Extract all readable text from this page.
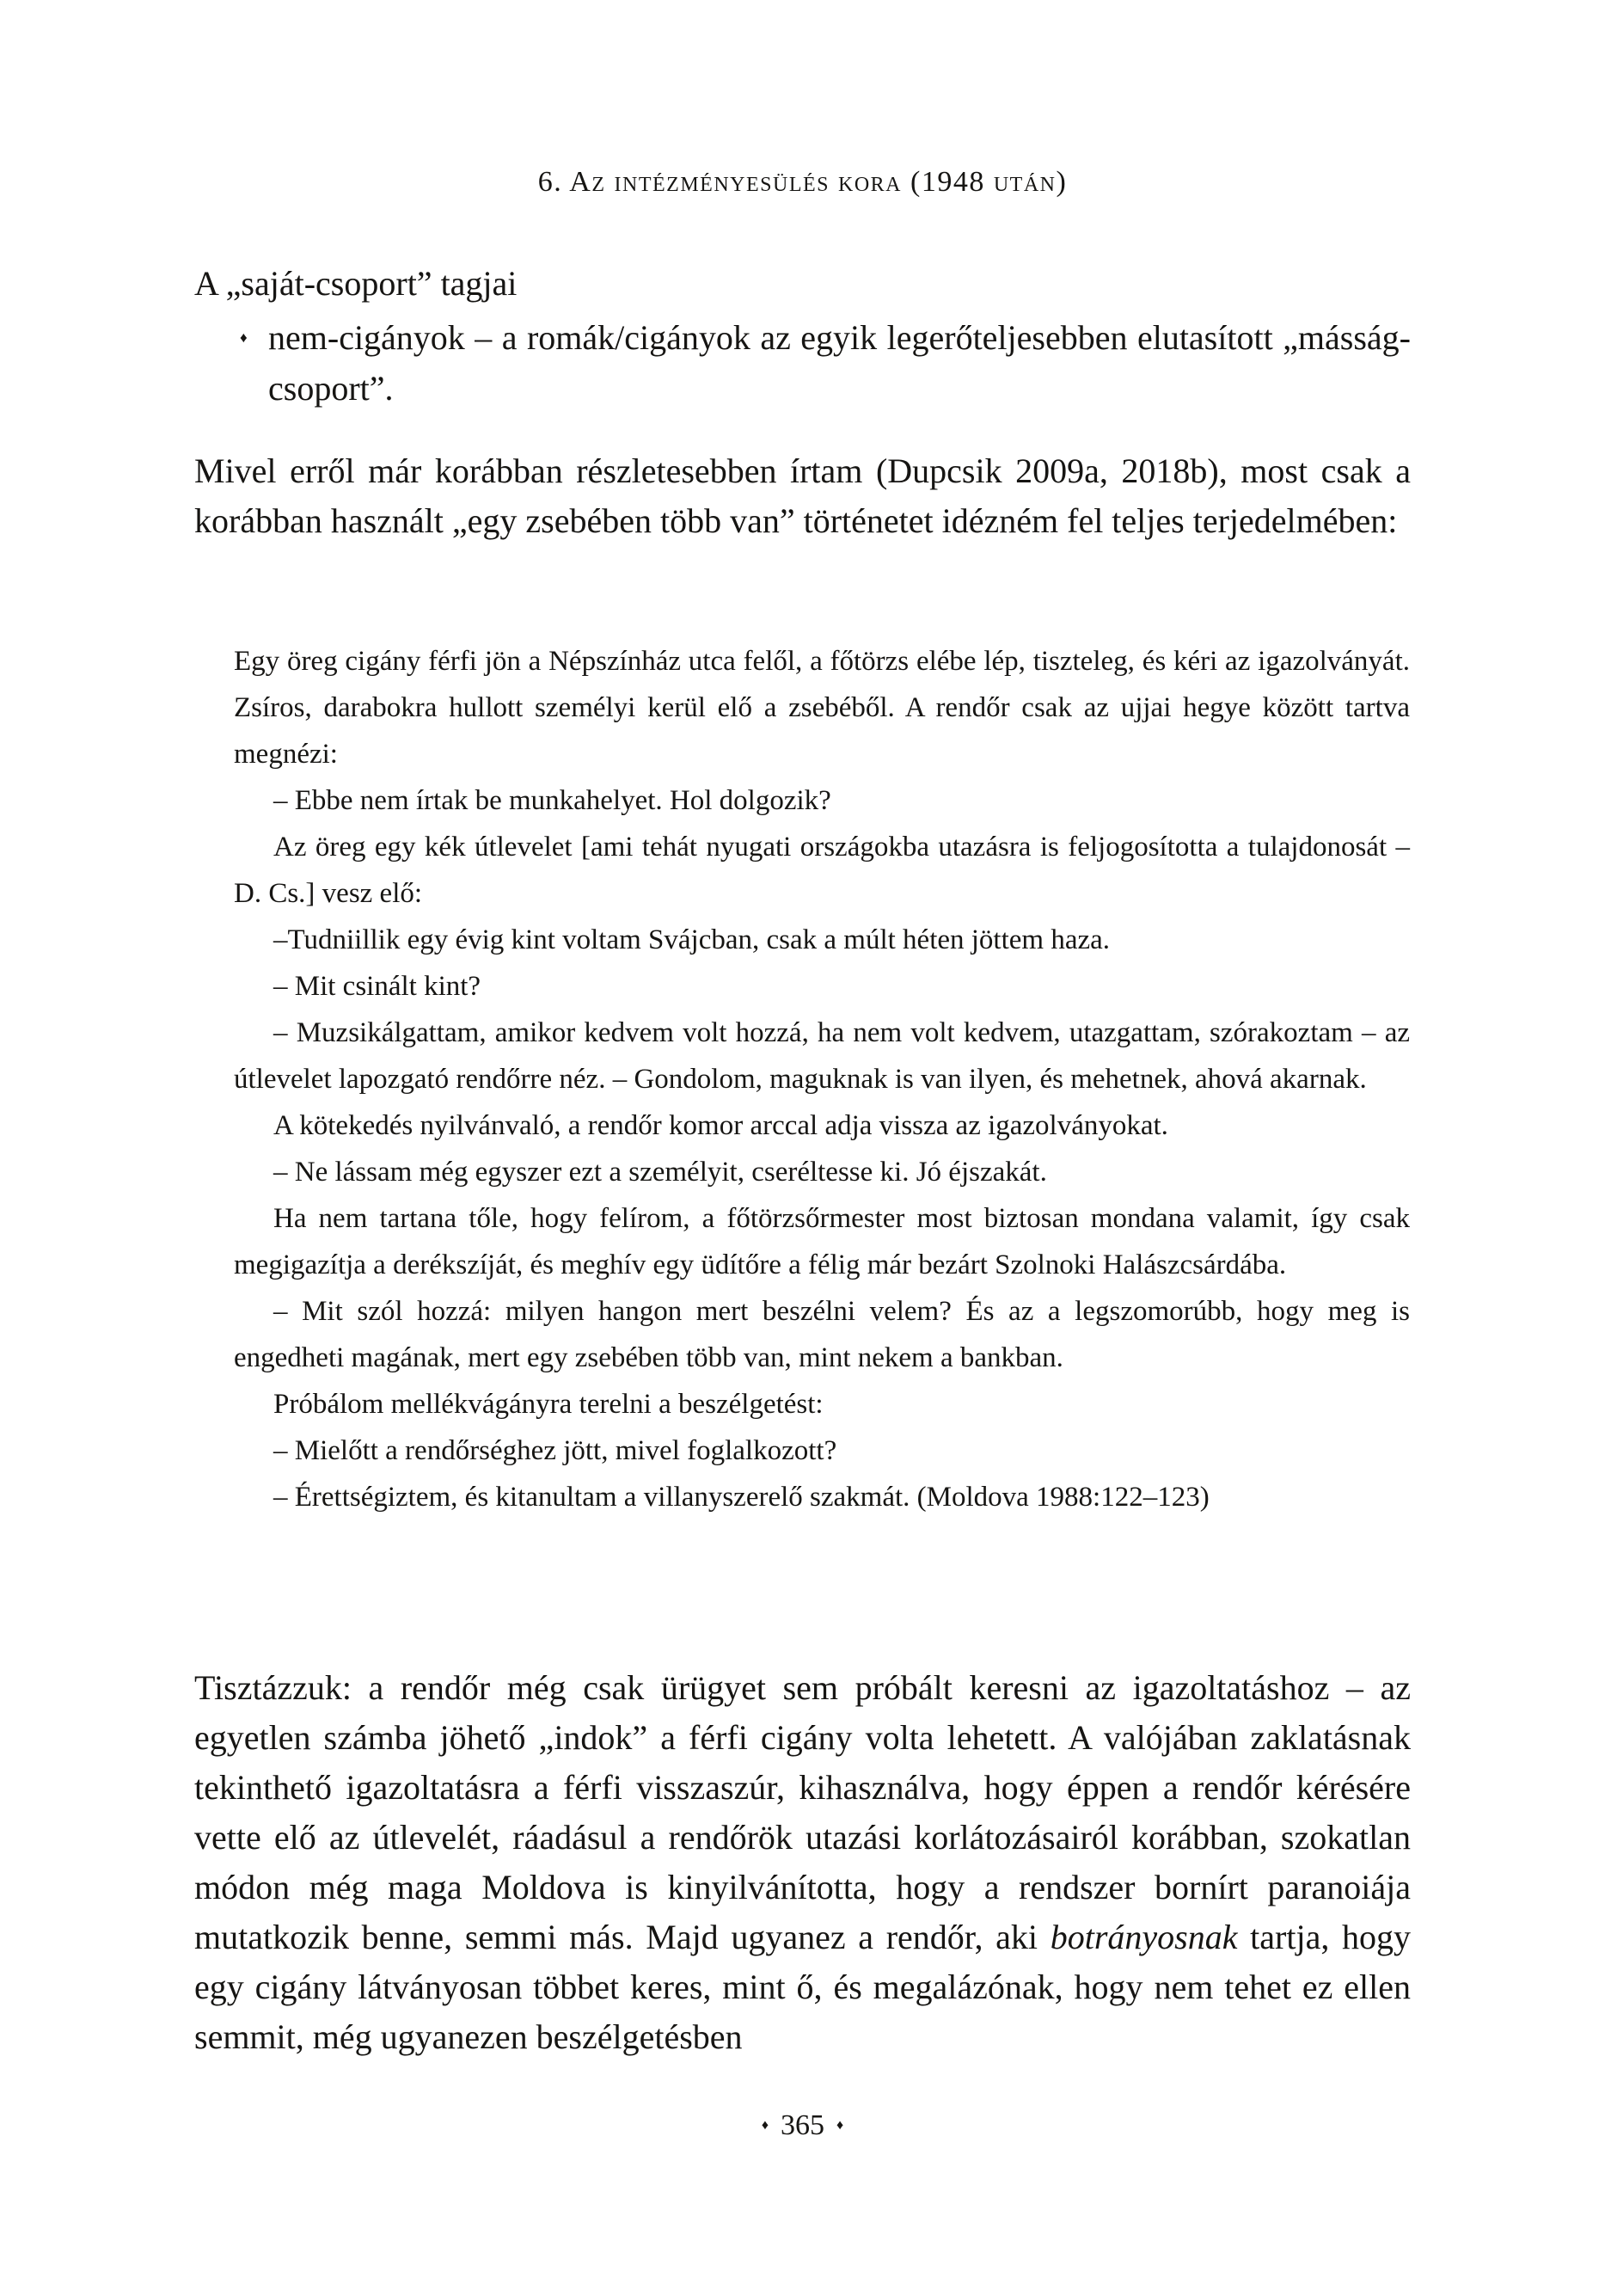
6. Az intézményesülés kora (1948 után)

A „saját-csoport” tagjai

♦ nem-cigányok – a romák/cigányok az egyik legerőteljesebben elutasított „másság-csoport”.

Mivel erről már korábban részletesebben írtam (Dupcsik 2009a, 2018b), most csak a korábban használt „egy zsebében több van” történetet idézném fel teljes terjedelmében:

Egy öreg cigány férfi jön a Népszínház utca felől, a főtörzs elébe lép, tiszteleg, és kéri az igazolványát. Zsíros, darabokra hullott személyi kerül elő a zsebéből. A rendőr csak az ujjai hegye között tartva megnézi:

– Ebbe nem írtak be munkahelyet. Hol dolgozik?

Az öreg egy kék útlevelet [ami tehát nyugati országokba utazásra is feljogosította a tulajdonosát – D. Cs.] vesz elő:

–Tudniillik egy évig kint voltam Svájcban, csak a múlt héten jöttem haza.

– Mit csinált kint?

– Muzsikálgattam, amikor kedvem volt hozzá, ha nem volt kedvem, utazgattam, szórakoztam – az útlevelet lapozgató rendőrre néz. – Gondolom, maguknak is van ilyen, és mehetnek, ahová akarnak.

A kötekedés nyilvánvaló, a rendőr komor arccal adja vissza az igazolványokat.

– Ne lássam még egyszer ezt a személyit, cseréltesse ki. Jó éjszakát.

Ha nem tartana tőle, hogy felírom, a főtörzsőrmester most biztosan mondana valamit, így csak megigazítja a derékszíját, és meghív egy üdítőre a félig már bezárt Szolnoki Halászcsárdába.

– Mit szól hozzá: milyen hangon mert beszélni velem? És az a legszomorúbb, hogy meg is engedheti magának, mert egy zsebében több van, mint nekem a bankban.

Próbálom mellékvágányra terelni a beszélgetést:

– Mielőtt a rendőrséghez jött, mivel foglalkozott?

– Érettségiztem, és kitanultam a villanyszerelő szakmát. (Moldova 1988:122–123)

Tisztázzuk: a rendőr még csak ürügyet sem próbált keresni az igazoltatáshoz – az egyetlen számba jöhető „indok” a férfi cigány volta lehetett. A valójában zaklatásnak tekinthető igazoltatásra a férfi visszaszúr, kihasználva, hogy éppen a rendőr kérésére vette elő az útlevelét, ráadásul a rendőrök utazási korlátozásairól korábban, szokatlan módon még maga Moldova is kinyilvánította, hogy a rendszer bornírt paranoiája mutatkozik benne, semmi más. Majd ugyanez a rendőr, aki botrányosnak tartja, hogy egy cigány látványosan többet keres, mint ő, és megalázónak, hogy nem tehet ez ellen semmit, még ugyanezen beszélgetésben

♦ 365 ♦
